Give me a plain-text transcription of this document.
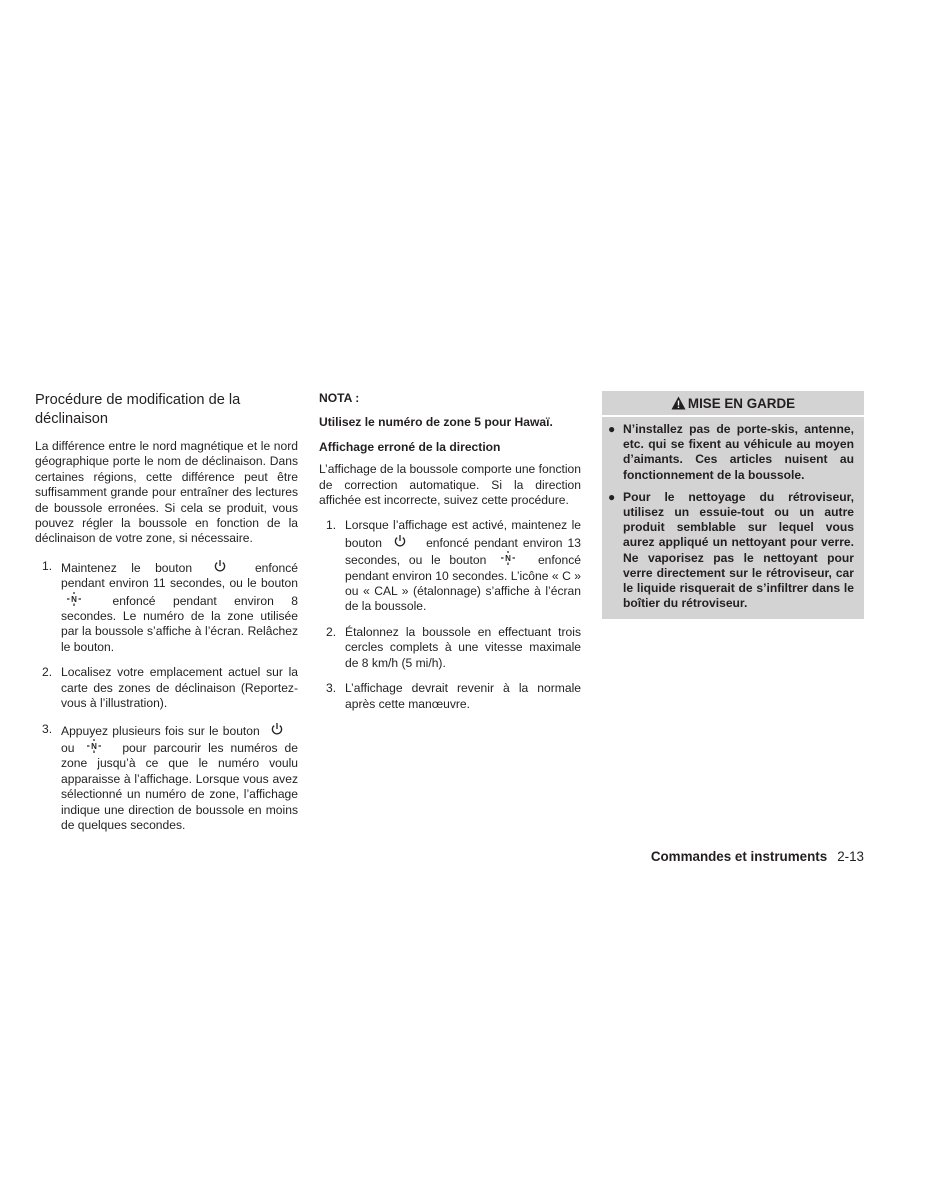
Procédure de modification de la déclinaison

La différence entre le nord magnétique et le nord géographique porte le nom de déclinaison. Dans certaines régions, cette différence peut être suffisamment grande pour entraîner des lectures de boussole erronées. Si cela se produit, vous pouvez régler la boussole en fonction de la déclinaison de votre zone, si nécessaire.

1. Maintenez le bouton	enfoncé pendant environ 11 secondes, ou le bouton
N	enfoncé pendant environ 8 secondes. Le numéro de la zone utilisée par la boussole s’affiche à l’écran. Relâchez le bouton.
2. Localisez votre emplacement actuel sur la carte des zones de déclinaison (Reportez-vous à l’illustration).
3. Appuyez plusieurs fois sur le bouton
ou N pour parcourir les numéros de zone jusqu’à ce que le numéro voulu apparaisse à l’affichage. Lorsque vous avez sélectionné un numéro de zone, l’affichage indique une direction de boussole en moins de quelques secondes.

NOTA :

Utilisez le numéro de zone 5 pour Hawaï.

Affichage erroné de la direction

L’affichage de la boussole comporte une fonction de correction automatique. Si la direction affichée est incorrecte, suivez cette procédure.

1. Lorsque l’affichage est activé, maintenez le bouton	enfoncé pendant environ 13 secondes, ou le bouton N enfoncé pendant environ 10 secondes. L’icône « C » ou « CAL » (étalonnage) s’affiche à l’écran de la boussole.
2. Étalonnez la boussole en effectuant trois cercles complets à une vitesse maximale de 8 km/h (5 mi/h).
3. L’affichage devrait revenir à la normale après cette manœuvre.
MISE EN GARDE
● N’installez pas de porte-skis, antenne, etc. qui se fixent au véhicule au moyen d’aimants. Ces articles nuisent au fonctionnement de la boussole.
● Pour le nettoyage du rétroviseur, utilisez un essuie-tout ou un autre produit semblable sur lequel vous aurez appliqué un nettoyant pour verre. Ne vaporisez pas le nettoyant pour verre directement sur le rétroviseur, car le liquide risquerait de s’infiltrer dans le boîtier du rétroviseur.
Commandes et instruments 2-13
